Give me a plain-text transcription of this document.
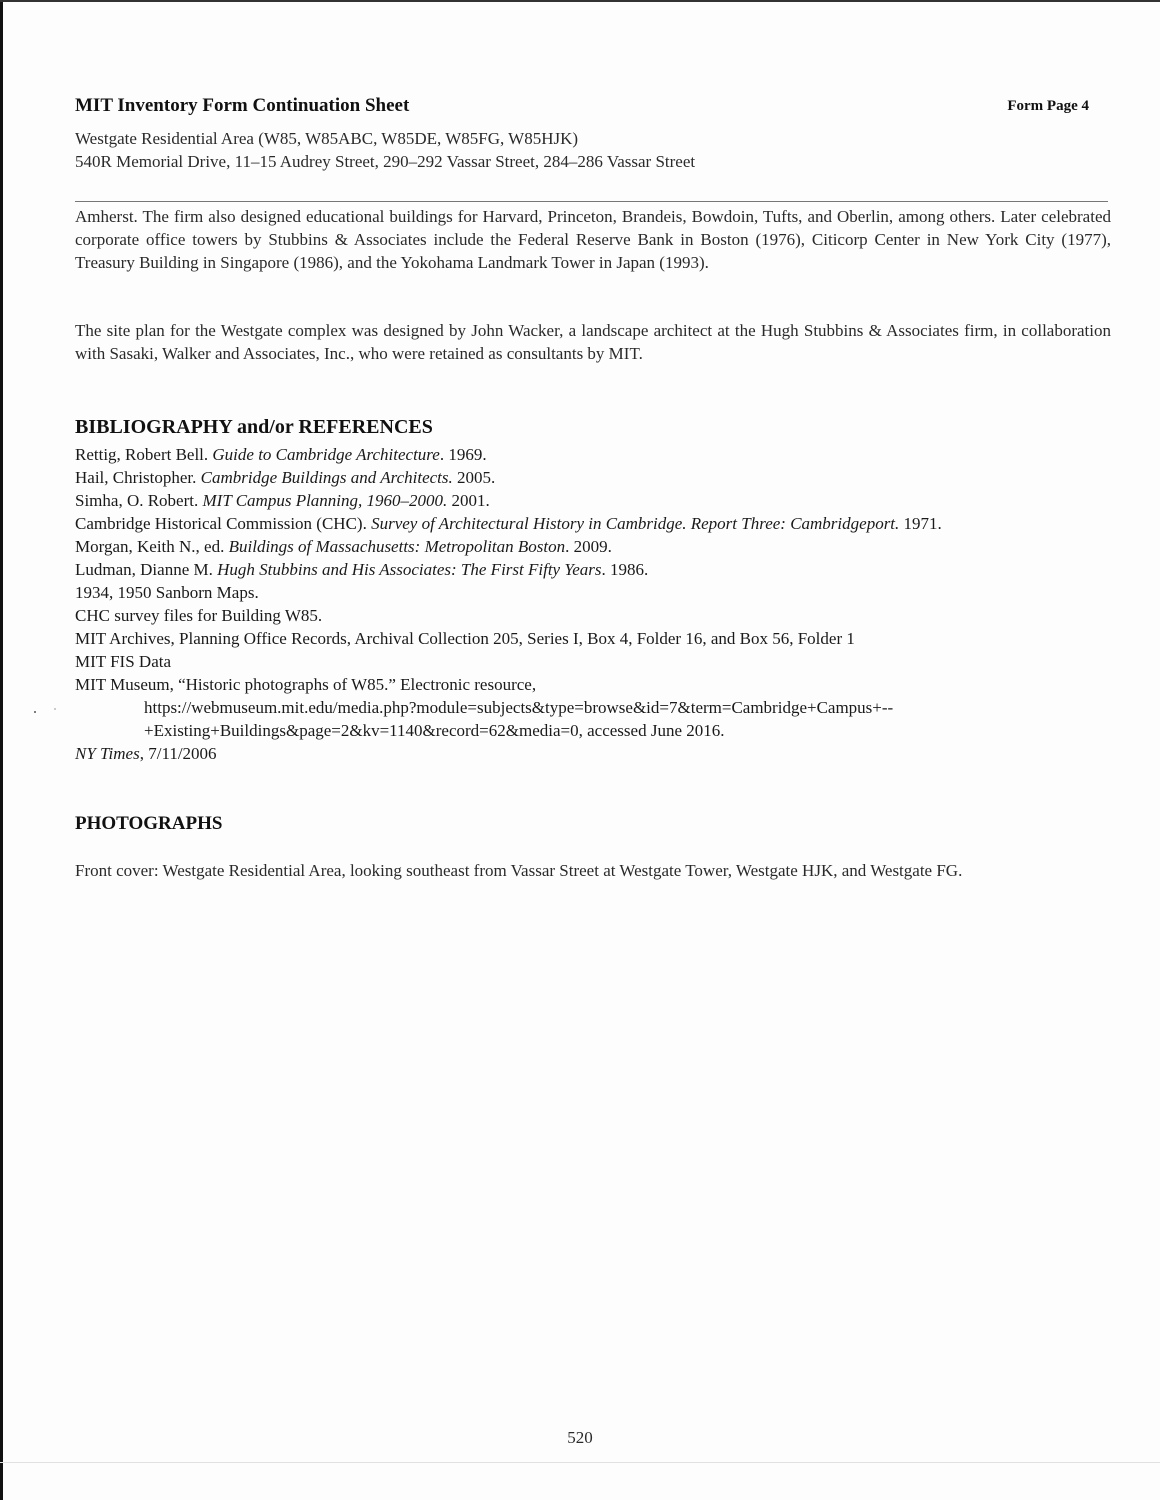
MIT Inventory Form Continuation Sheet	Form Page 4
Westgate Residential Area (W85, W85ABC, W85DE, W85FG, W85HJK)
540R Memorial Drive, 11–15 Audrey Street, 290–292 Vassar Street, 284–286 Vassar Street
Amherst. The firm also designed educational buildings for Harvard, Princeton, Brandeis, Bowdoin, Tufts, and Oberlin, among others. Later celebrated corporate office towers by Stubbins & Associates include the Federal Reserve Bank in Boston (1976), Citicorp Center in New York City (1977), Treasury Building in Singapore (1986), and the Yokohama Landmark Tower in Japan (1993).
The site plan for the Westgate complex was designed by John Wacker, a landscape architect at the Hugh Stubbins & Associates firm, in collaboration with Sasaki, Walker and Associates, Inc., who were retained as consultants by MIT.
BIBLIOGRAPHY and/or REFERENCES
Rettig, Robert Bell. Guide to Cambridge Architecture. 1969.
Hail, Christopher. Cambridge Buildings and Architects. 2005.
Simha, O. Robert. MIT Campus Planning, 1960–2000. 2001.
Cambridge Historical Commission (CHC). Survey of Architectural History in Cambridge. Report Three: Cambridgeport. 1971.
Morgan, Keith N., ed. Buildings of Massachusetts: Metropolitan Boston. 2009.
Ludman, Dianne M. Hugh Stubbins and His Associates: The First Fifty Years. 1986.
1934, 1950 Sanborn Maps.
CHC survey files for Building W85.
MIT Archives, Planning Office Records, Archival Collection 205, Series I, Box 4, Folder 16, and Box 56, Folder 1
MIT FIS Data
MIT Museum, “Historic photographs of W85.” Electronic resource,
https://webmuseum.mit.edu/media.php?module=subjects&type=browse&id=7&term=Cambridge+Campus+--
+Existing+Buildings&page=2&kv=1140&record=62&media=0, accessed June 2016.
NY Times, 7/11/2006
PHOTOGRAPHS
Front cover: Westgate Residential Area, looking southeast from Vassar Street at Westgate Tower, Westgate HJK, and Westgate FG.
520
